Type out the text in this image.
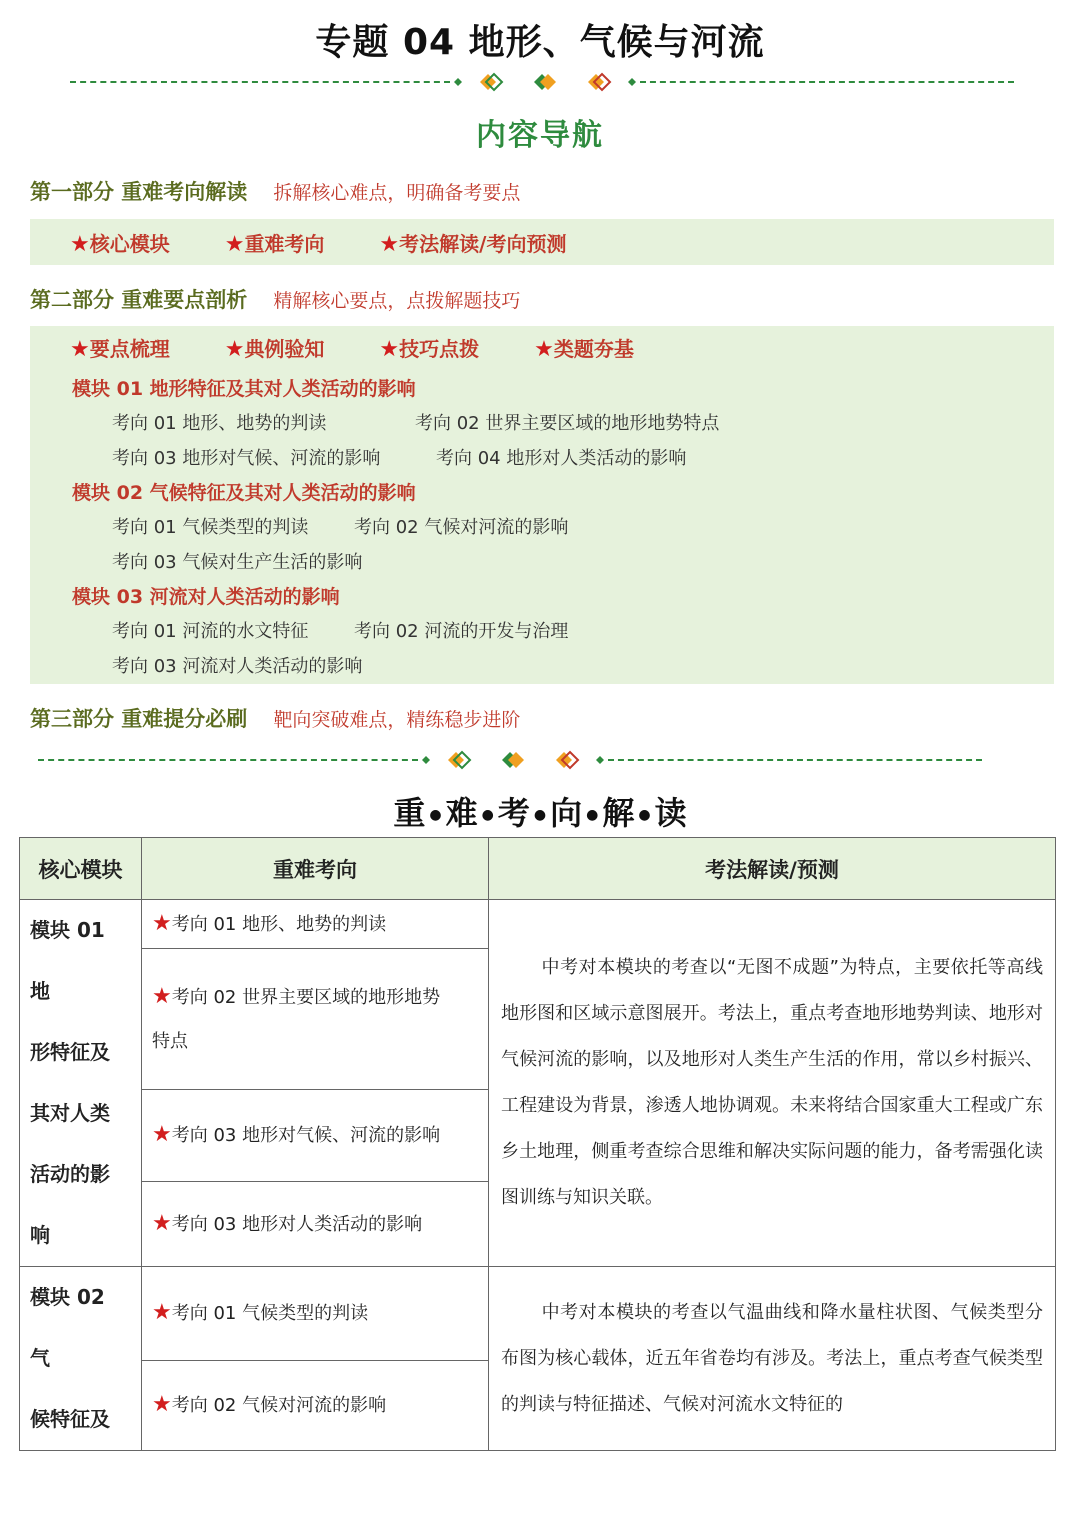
专题 04 地形、气候与河流
内容导航
第一部分 重难考向解读 拆解核心难点，明确备考要点
★核心模块 ★重难考向 ★考法解读/考向预测
第二部分 重难要点剖析 精解核心要点，点拨解题技巧
★要点梳理 ★典例验知 ★技巧点拨 ★类题夯基
模块 01 地形特征及其对人类活动的影响
考向 01 地形、地势的判读	考向 02 世界主要区域的地形地势特点
考向 03 地形对气候、河流的影响	考向 04 地形对人类活动的影响
模块 02 气候特征及其对人类活动的影响
考向 01 气候类型的判读	考向 02 气候对河流的影响
考向 03 气候对生产生活的影响
模块 03 河流对人类活动的影响
考向 01 河流的水文特征	考向 02 河流的开发与治理
考向 03 河流对人类活动的影响
第三部分 重难提分必刷 靶向突破难点，精练稳步进阶
重 ● 难 ● 考 ● 向 ● 解 ● 读
核心模块	重难考向	考法解读/预测

模块 01 地
形特征及
其对人类
活动的影
响	★考向 01 地形、地势的判读	中考对本模块的考查以“无图不成题”为特点，主要依托等高线地形图和区域示意图展开。考法上，重点考查地形地势判读、地形对气候河流的影响，以及地形对人类生产生活的作用，常以乡村振兴、工程建设为背景，渗透人地协调观。未来将结合国家重大工程或广东乡土地理，侧重考查综合思维和解决实际问题的能力，备考需强化读图训练与知识关联。
	★考向 02 世界主要区域的地形地势
特点	
	★考向 03 地形对气候、河流的影响	
	★考向 03 地形对人类活动的影响	

模块 02 气
候特征及	★考向 01 气候类型的判读	中考对本模块的考查以气温曲线和降水量柱状图、气候类型分布图为核心载体，近五年省卷均有涉及。考法上，重点考查气候类型的判读与特征描述、气候对河流水文特征的
	★考向 02 气候对河流的影响	
